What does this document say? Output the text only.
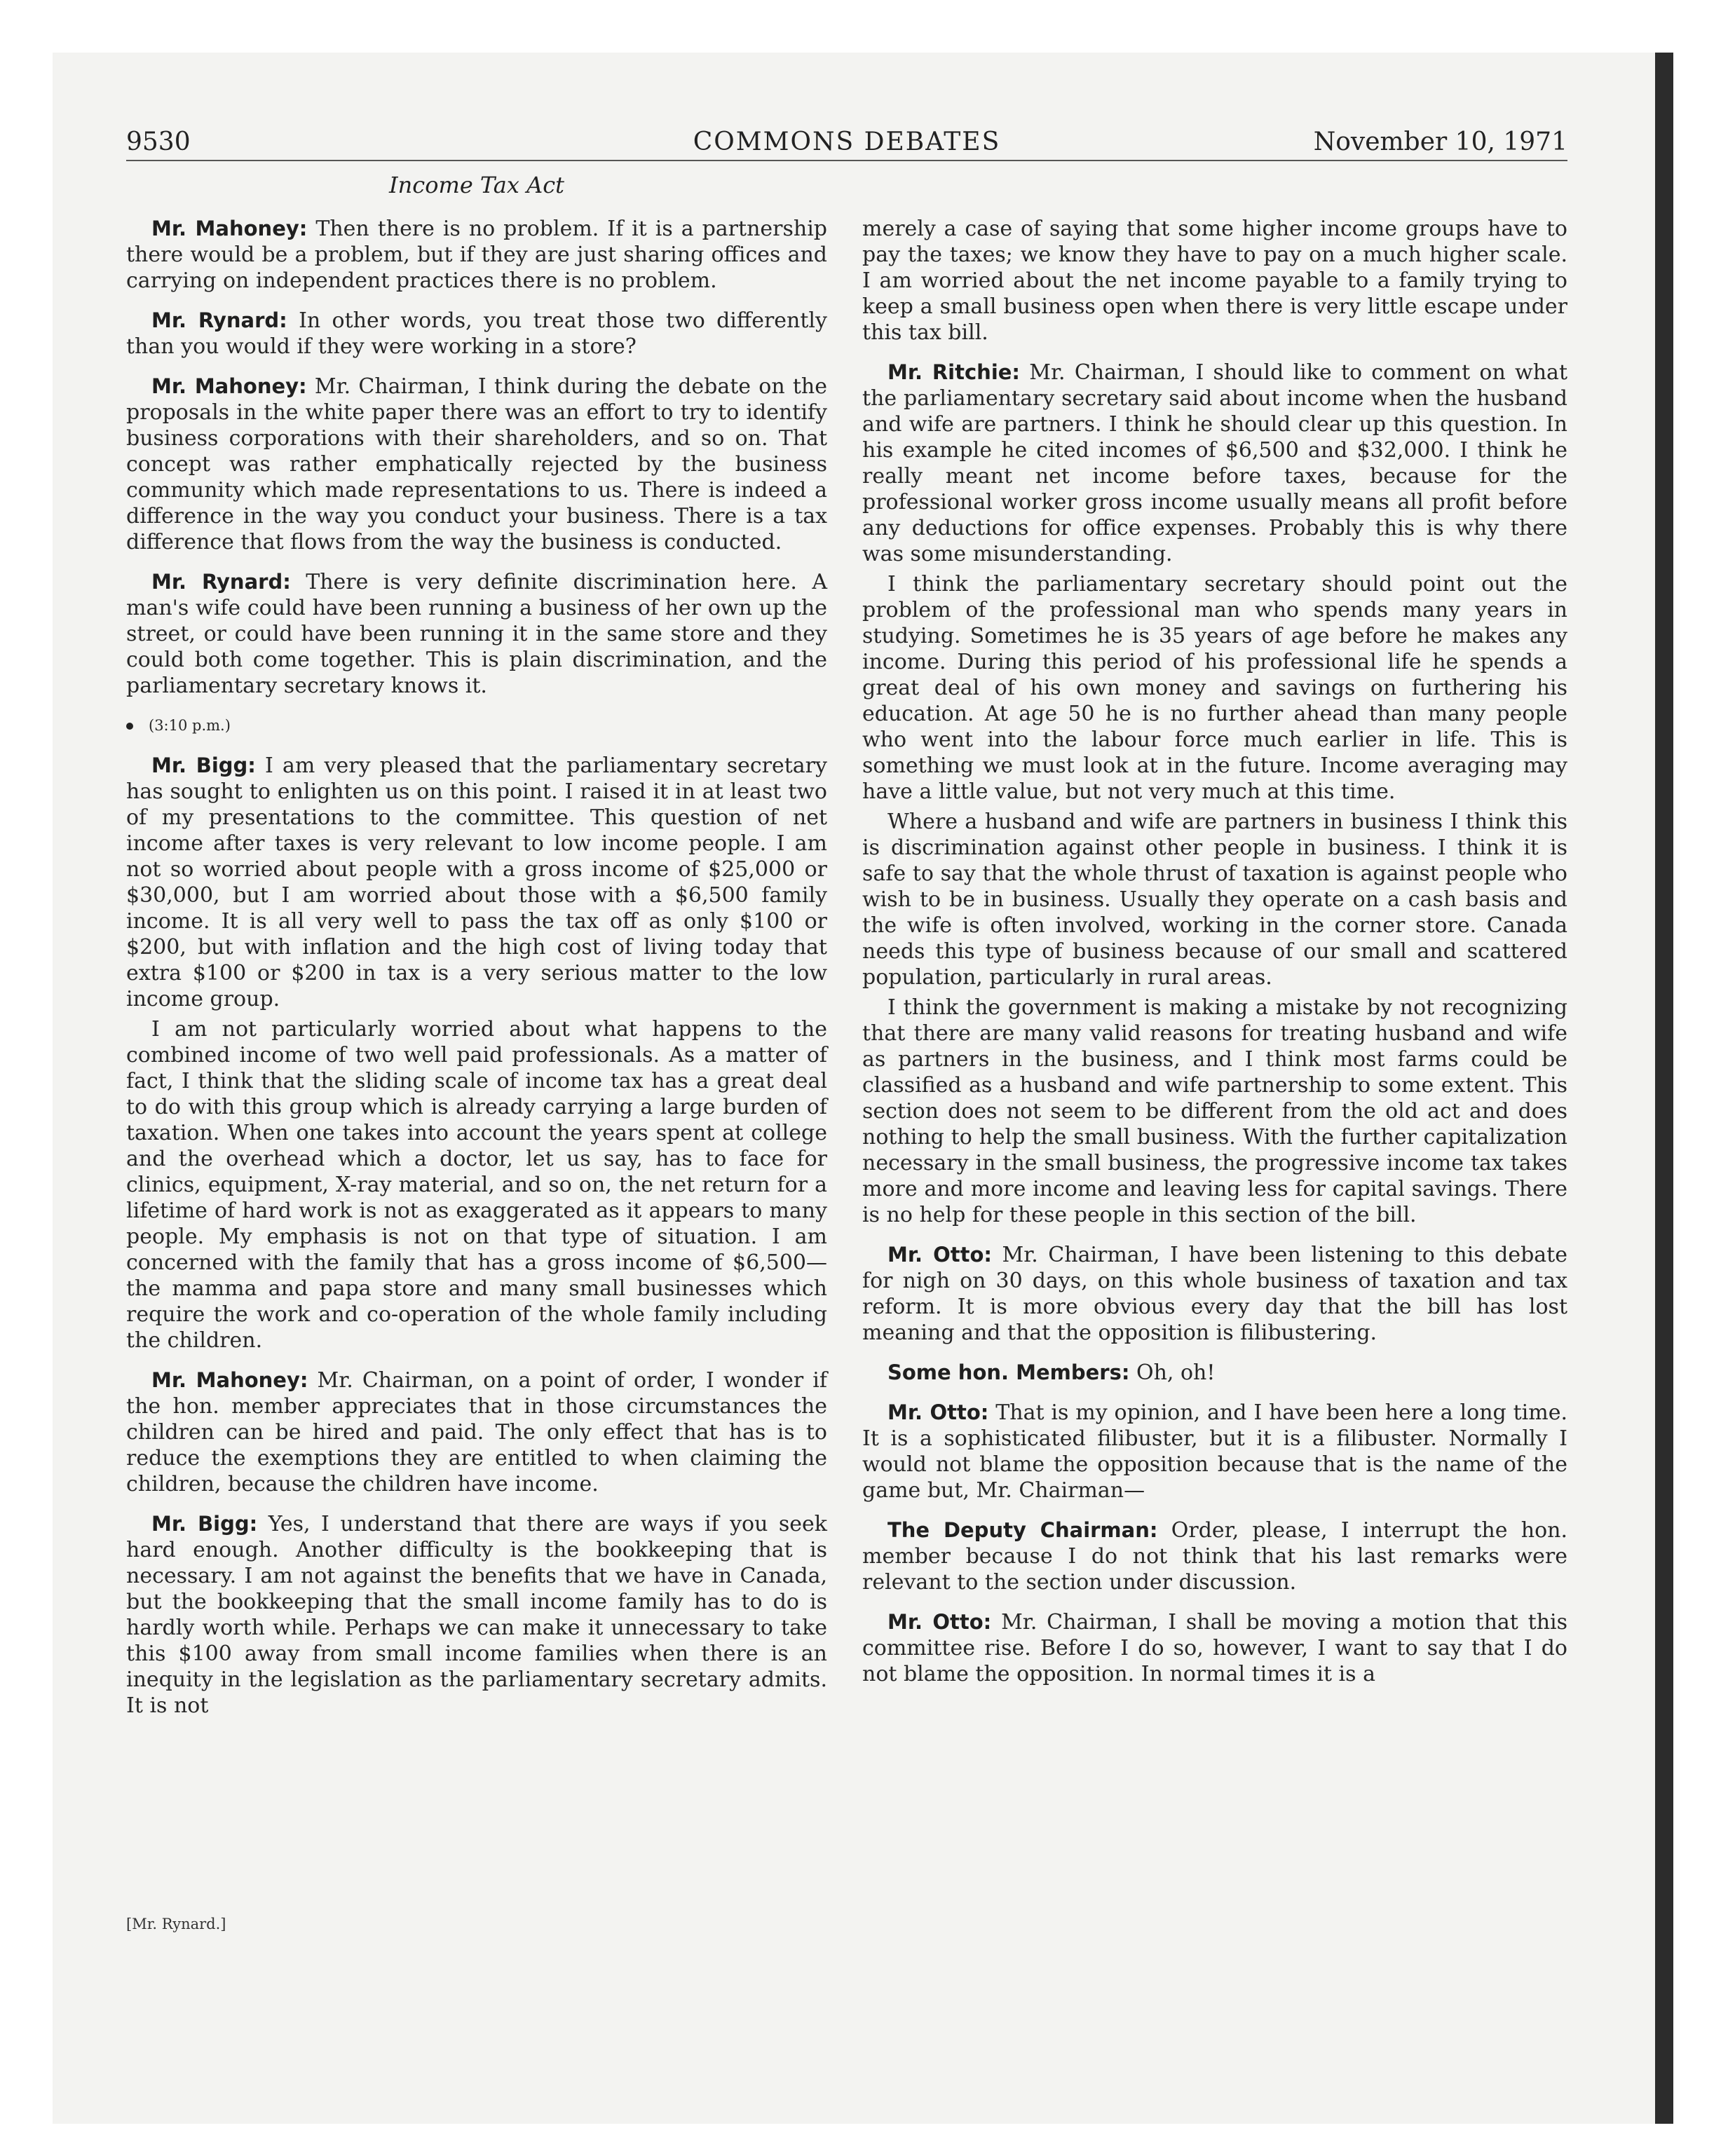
9530	COMMONS DEBATES	November 10, 1971
Income Tax Act

Mr. Mahoney: Then there is no problem. If it is a partnership there would be a problem, but if they are just sharing offices and carrying on independent practices there is no problem.

Mr. Rynard: In other words, you treat those two differently than you would if they were working in a store?

Mr. Mahoney: Mr. Chairman, I think during the debate on the proposals in the white paper there was an effort to try to identify business corporations with their shareholders, and so on. That concept was rather emphatically rejected by the business community which made representations to us. There is indeed a difference in the way you conduct your business. There is a tax difference that flows from the way the business is conducted.

Mr. Rynard: There is very definite discrimination here. A man's wife could have been running a business of her own up the street, or could have been running it in the same store and they could both come together. This is plain discrimination, and the parliamentary secretary knows it.

(3:10 p.m.)

Mr. Bigg: I am very pleased that the parliamentary secretary has sought to enlighten us on this point. I raised it in at least two of my presentations to the committee. This question of net income after taxes is very relevant to low income people. I am not so worried about people with a gross income of $25,000 or $30,000, but I am worried about those with a $6,500 family income. It is all very well to pass the tax off as only $100 or $200, but with inflation and the high cost of living today that extra $100 or $200 in tax is a very serious matter to the low income group.

I am not particularly worried about what happens to the combined income of two well paid professionals. As a matter of fact, I think that the sliding scale of income tax has a great deal to do with this group which is already carrying a large burden of taxation. When one takes into account the years spent at college and the overhead which a doctor, let us say, has to face for clinics, equipment, X-ray material, and so on, the net return for a lifetime of hard work is not as exaggerated as it appears to many people. My emphasis is not on that type of situation. I am concerned with the family that has a gross income of $6,500—the mamma and papa store and many small businesses which require the work and co-operation of the whole family including the children.

Mr. Mahoney: Mr. Chairman, on a point of order, I wonder if the hon. member appreciates that in those circumstances the children can be hired and paid. The only effect that has is to reduce the exemptions they are entitled to when claiming the children, because the children have income.

Mr. Bigg: Yes, I understand that there are ways if you seek hard enough. Another difficulty is the bookkeeping that is necessary. I am not against the benefits that we have in Canada, but the bookkeeping that the small income family has to do is hardly worth while. Perhaps we can make it unnecessary to take this $100 away from small income families when there is an inequity in the legislation as the parliamentary secretary admits. It is not

merely a case of saying that some higher income groups have to pay the taxes; we know they have to pay on a much higher scale. I am worried about the net income payable to a family trying to keep a small business open when there is very little escape under this tax bill.

Mr. Ritchie: Mr. Chairman, I should like to comment on what the parliamentary secretary said about income when the husband and wife are partners. I think he should clear up this question. In his example he cited incomes of $6,500 and $32,000. I think he really meant net income before taxes, because for the professional worker gross income usually means all profit before any deductions for office expenses. Probably this is why there was some misunderstanding.

I think the parliamentary secretary should point out the problem of the professional man who spends many years in studying. Sometimes he is 35 years of age before he makes any income. During this period of his professional life he spends a great deal of his own money and savings on furthering his education. At age 50 he is no further ahead than many people who went into the labour force much earlier in life. This is something we must look at in the future. Income averaging may have a little value, but not very much at this time.

Where a husband and wife are partners in business I think this is discrimination against other people in business. I think it is safe to say that the whole thrust of taxation is against people who wish to be in business. Usually they operate on a cash basis and the wife is often involved, working in the corner store. Canada needs this type of business because of our small and scattered population, particularly in rural areas.

I think the government is making a mistake by not recognizing that there are many valid reasons for treating husband and wife as partners in the business, and I think most farms could be classified as a husband and wife partnership to some extent. This section does not seem to be different from the old act and does nothing to help the small business. With the further capitalization necessary in the small business, the progressive income tax takes more and more income and leaving less for capital savings. There is no help for these people in this section of the bill.

Mr. Otto: Mr. Chairman, I have been listening to this debate for nigh on 30 days, on this whole business of taxation and tax reform. It is more obvious every day that the bill has lost meaning and that the opposition is filibustering.

Some hon. Members: Oh, oh!

Mr. Otto: That is my opinion, and I have been here a long time. It is a sophisticated filibuster, but it is a filibuster. Normally I would not blame the opposition because that is the name of the game but, Mr. Chairman—

The Deputy Chairman: Order, please, I interrupt the hon. member because I do not think that his last remarks were relevant to the section under discussion.

Mr. Otto: Mr. Chairman, I shall be moving a motion that this committee rise. Before I do so, however, I want to say that I do not blame the opposition. In normal times it is a

[Mr. Rynard.]
